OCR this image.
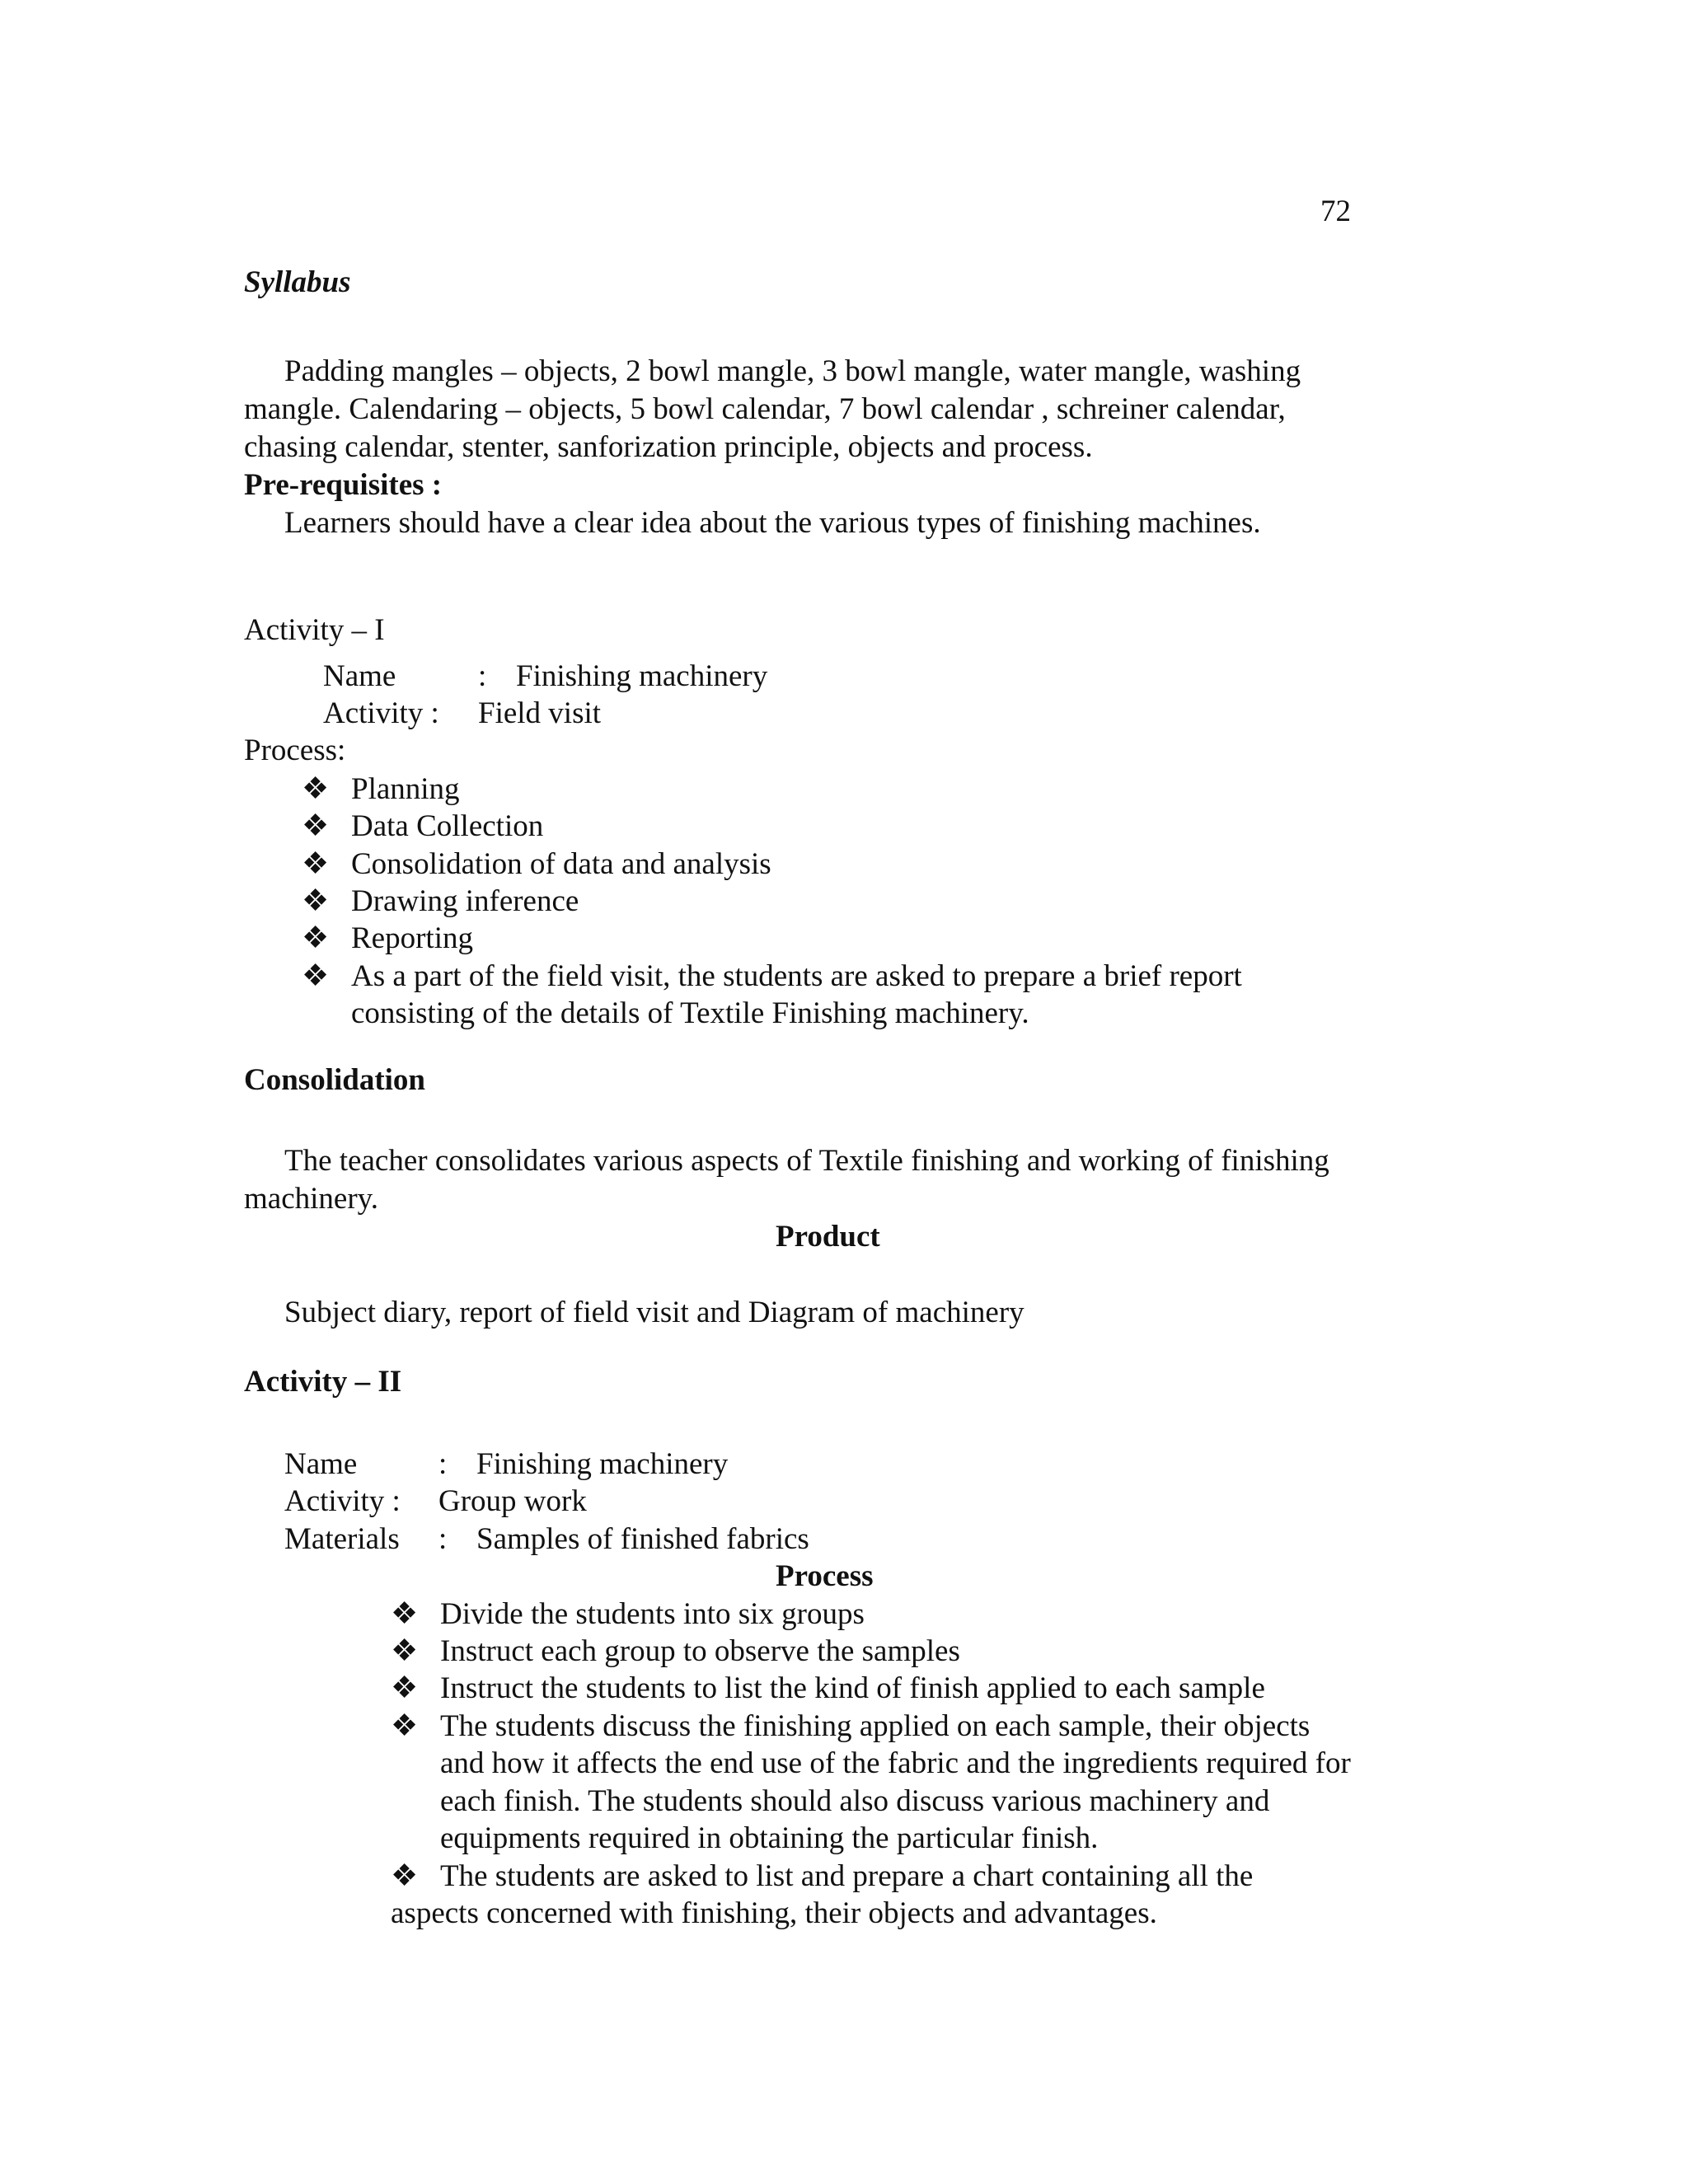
72
Syllabus
Padding mangles – objects, 2 bowl mangle, 3 bowl mangle, water mangle, washing
mangle. Calendaring – objects, 5 bowl calendar, 7 bowl calendar , schreiner calendar,
chasing calendar, stenter, sanforization principle, objects and process.
Pre-requisites :
Learners should have a clear idea about the various types of finishing machines.
Activity – I
Name	: Finishing machinery
Activity : Field visit
Process:
❖ Planning
❖ Data Collection
❖ Consolidation of data and analysis
❖ Drawing inference
❖ Reporting
❖ As a part of the field visit, the students are asked to prepare a brief report
consisting of the details of Textile Finishing machinery.
Consolidation
The teacher consolidates various aspects of Textile finishing and working of finishing
machinery.
Product
Subject diary, report of field visit and Diagram of machinery
Activity – II
Name	: Finishing machinery
Activity : Group work
Materials : Samples of finished fabrics
Process
❖ Divide the students into six groups
❖ Instruct each group to observe the samples
❖ Instruct the students to list the kind of finish applied to each sample
❖ The students discuss the finishing applied on each sample, their objects
and how it affects the end use of the fabric and the ingredients required for
each finish. The students should also discuss various machinery and
equipments required in obtaining the particular finish.
❖ The students are asked to list and prepare a chart containing all the
aspects concerned with finishing, their objects and advantages.
